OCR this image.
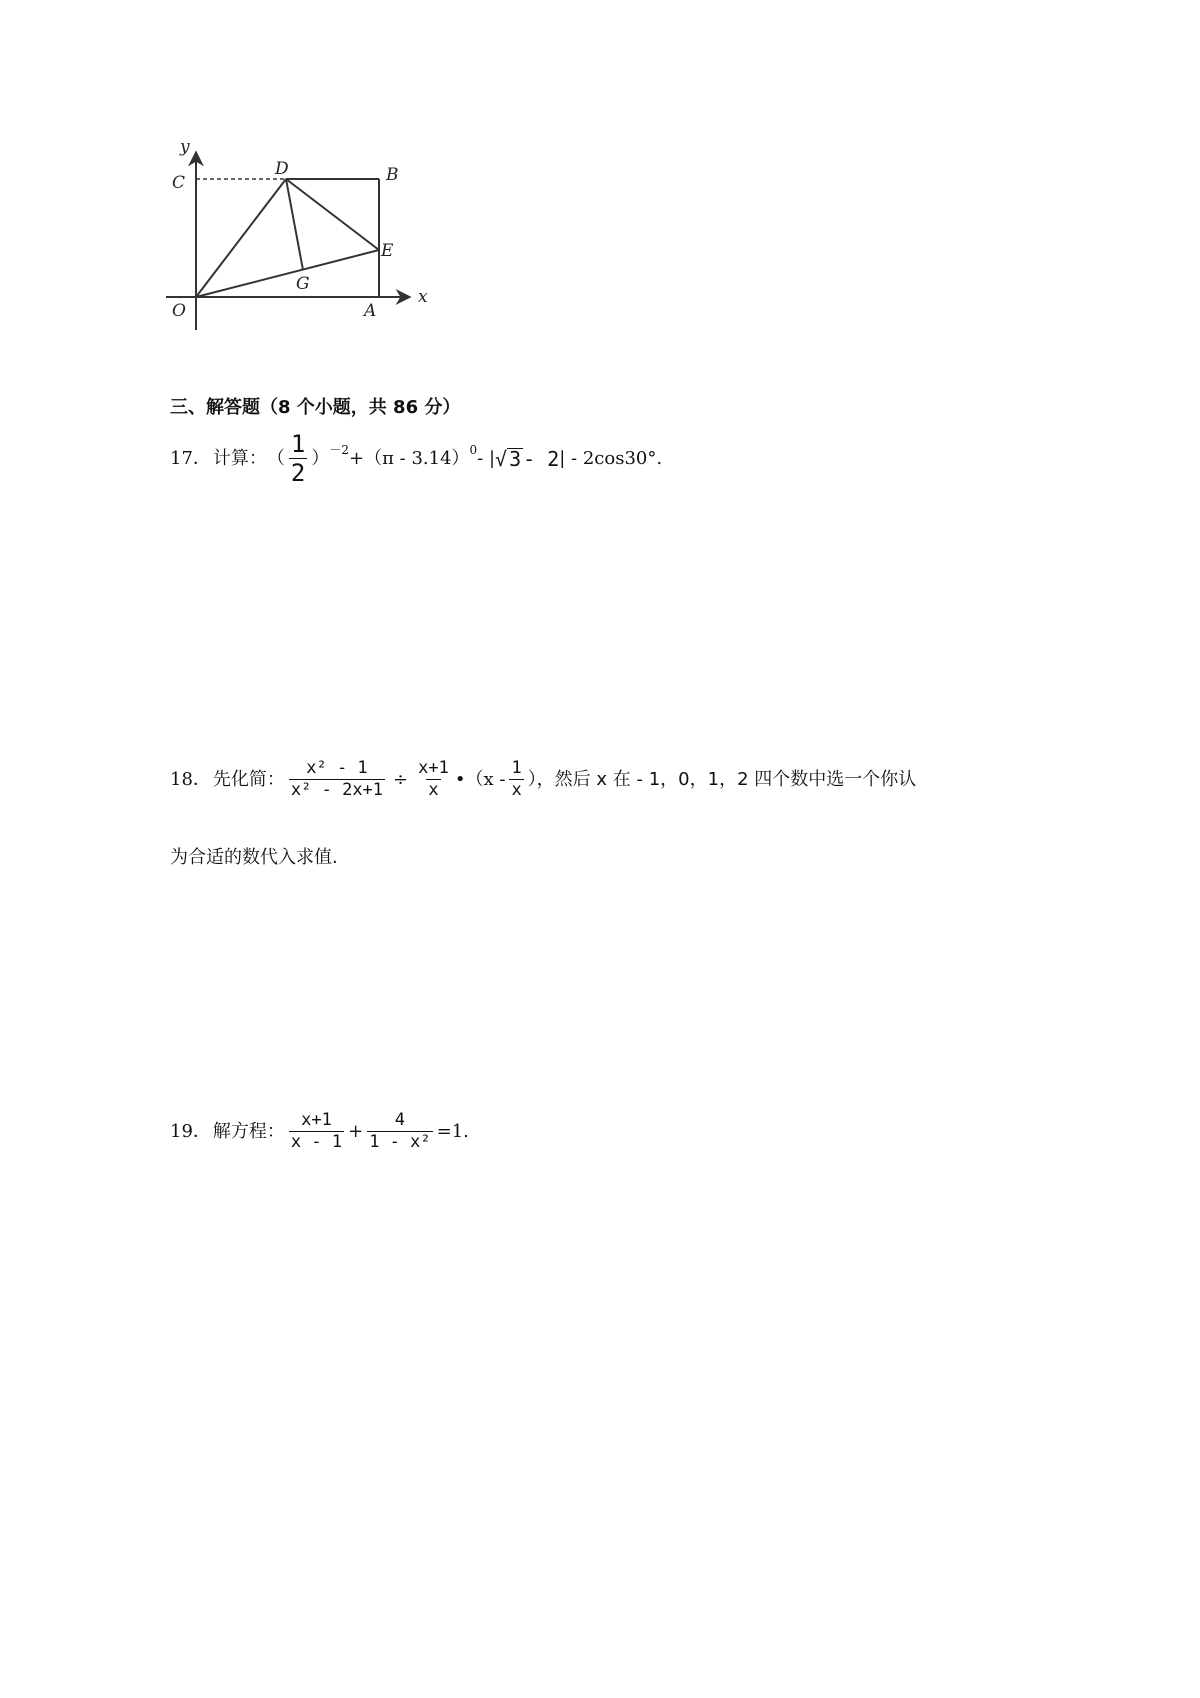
y
C
D	B
E
G
O	A
x
三、解答题（8 个小题，共 86 分）
17． 计算： （ $\frac{1}{2}$ ） －2 + （π - 3.14） 0 - | √ 3 - 2 | - 2cos30°.
18． 先化简： $\frac{\text{x² - 1}}{\text{x² - 2x+1}} \div \frac{x+1}{x}$ • （$x - \frac{1}{x}$ ），然后 x 在 - 1，0，1，2 四个数中选一个你认
为合适的数代入求值.
19． 解方程： $\frac{x+1}{x - 1} + \frac{4}{\text{1 - x²}} =1$.
